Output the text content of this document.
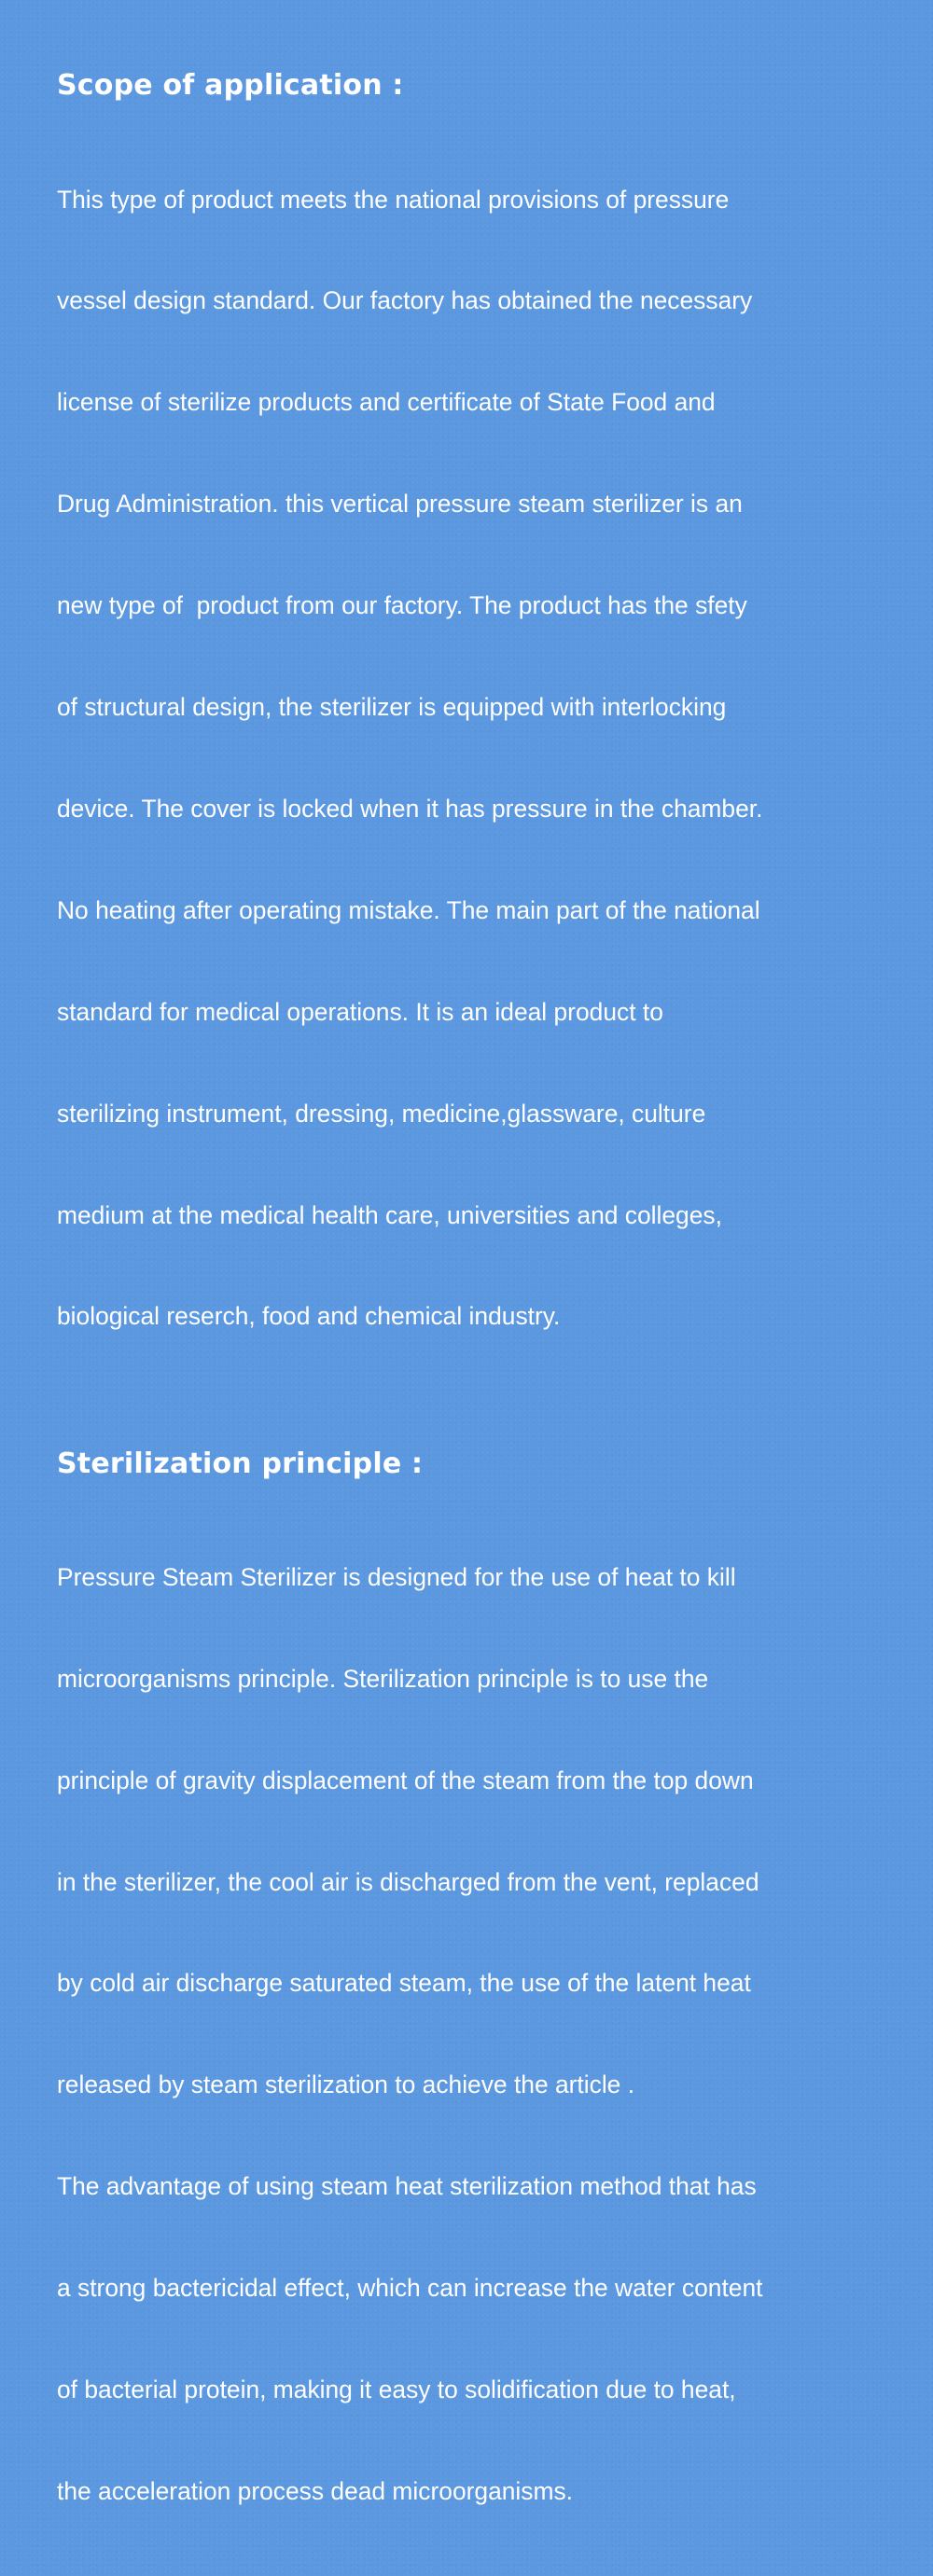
Scope of application :

This type of product meets the national provisions of pressure

vessel design standard. Our factory has obtained the necessary

license of sterilize products and certificate of State Food and

Drug Administration. this vertical pressure steam sterilizer is an

new type of  product from our factory. The product has the sfety

of structural design, the sterilizer is equipped with interlocking

device. The cover is locked when it has pressure in the chamber.

No heating after operating mistake. The main part of the national

standard for medical operations. It is an ideal product to

sterilizing instrument, dressing, medicine,glassware, culture

medium at the medical health care, universities and colleges,

biological reserch, food and chemical industry.

Sterilization principle :

Pressure Steam Sterilizer is designed for the use of heat to kill

microorganisms principle. Sterilization principle is to use the

principle of gravity displacement of the steam from the top down

in the sterilizer, the cool air is discharged from the vent, replaced

by cold air discharge saturated steam, the use of the latent heat

released by steam sterilization to achieve the article .

The advantage of using steam heat sterilization method that has

a strong bactericidal effect, which can increase the water content

of bacterial protein, making it easy to solidification due to heat,

the acceleration process dead microorganisms.
